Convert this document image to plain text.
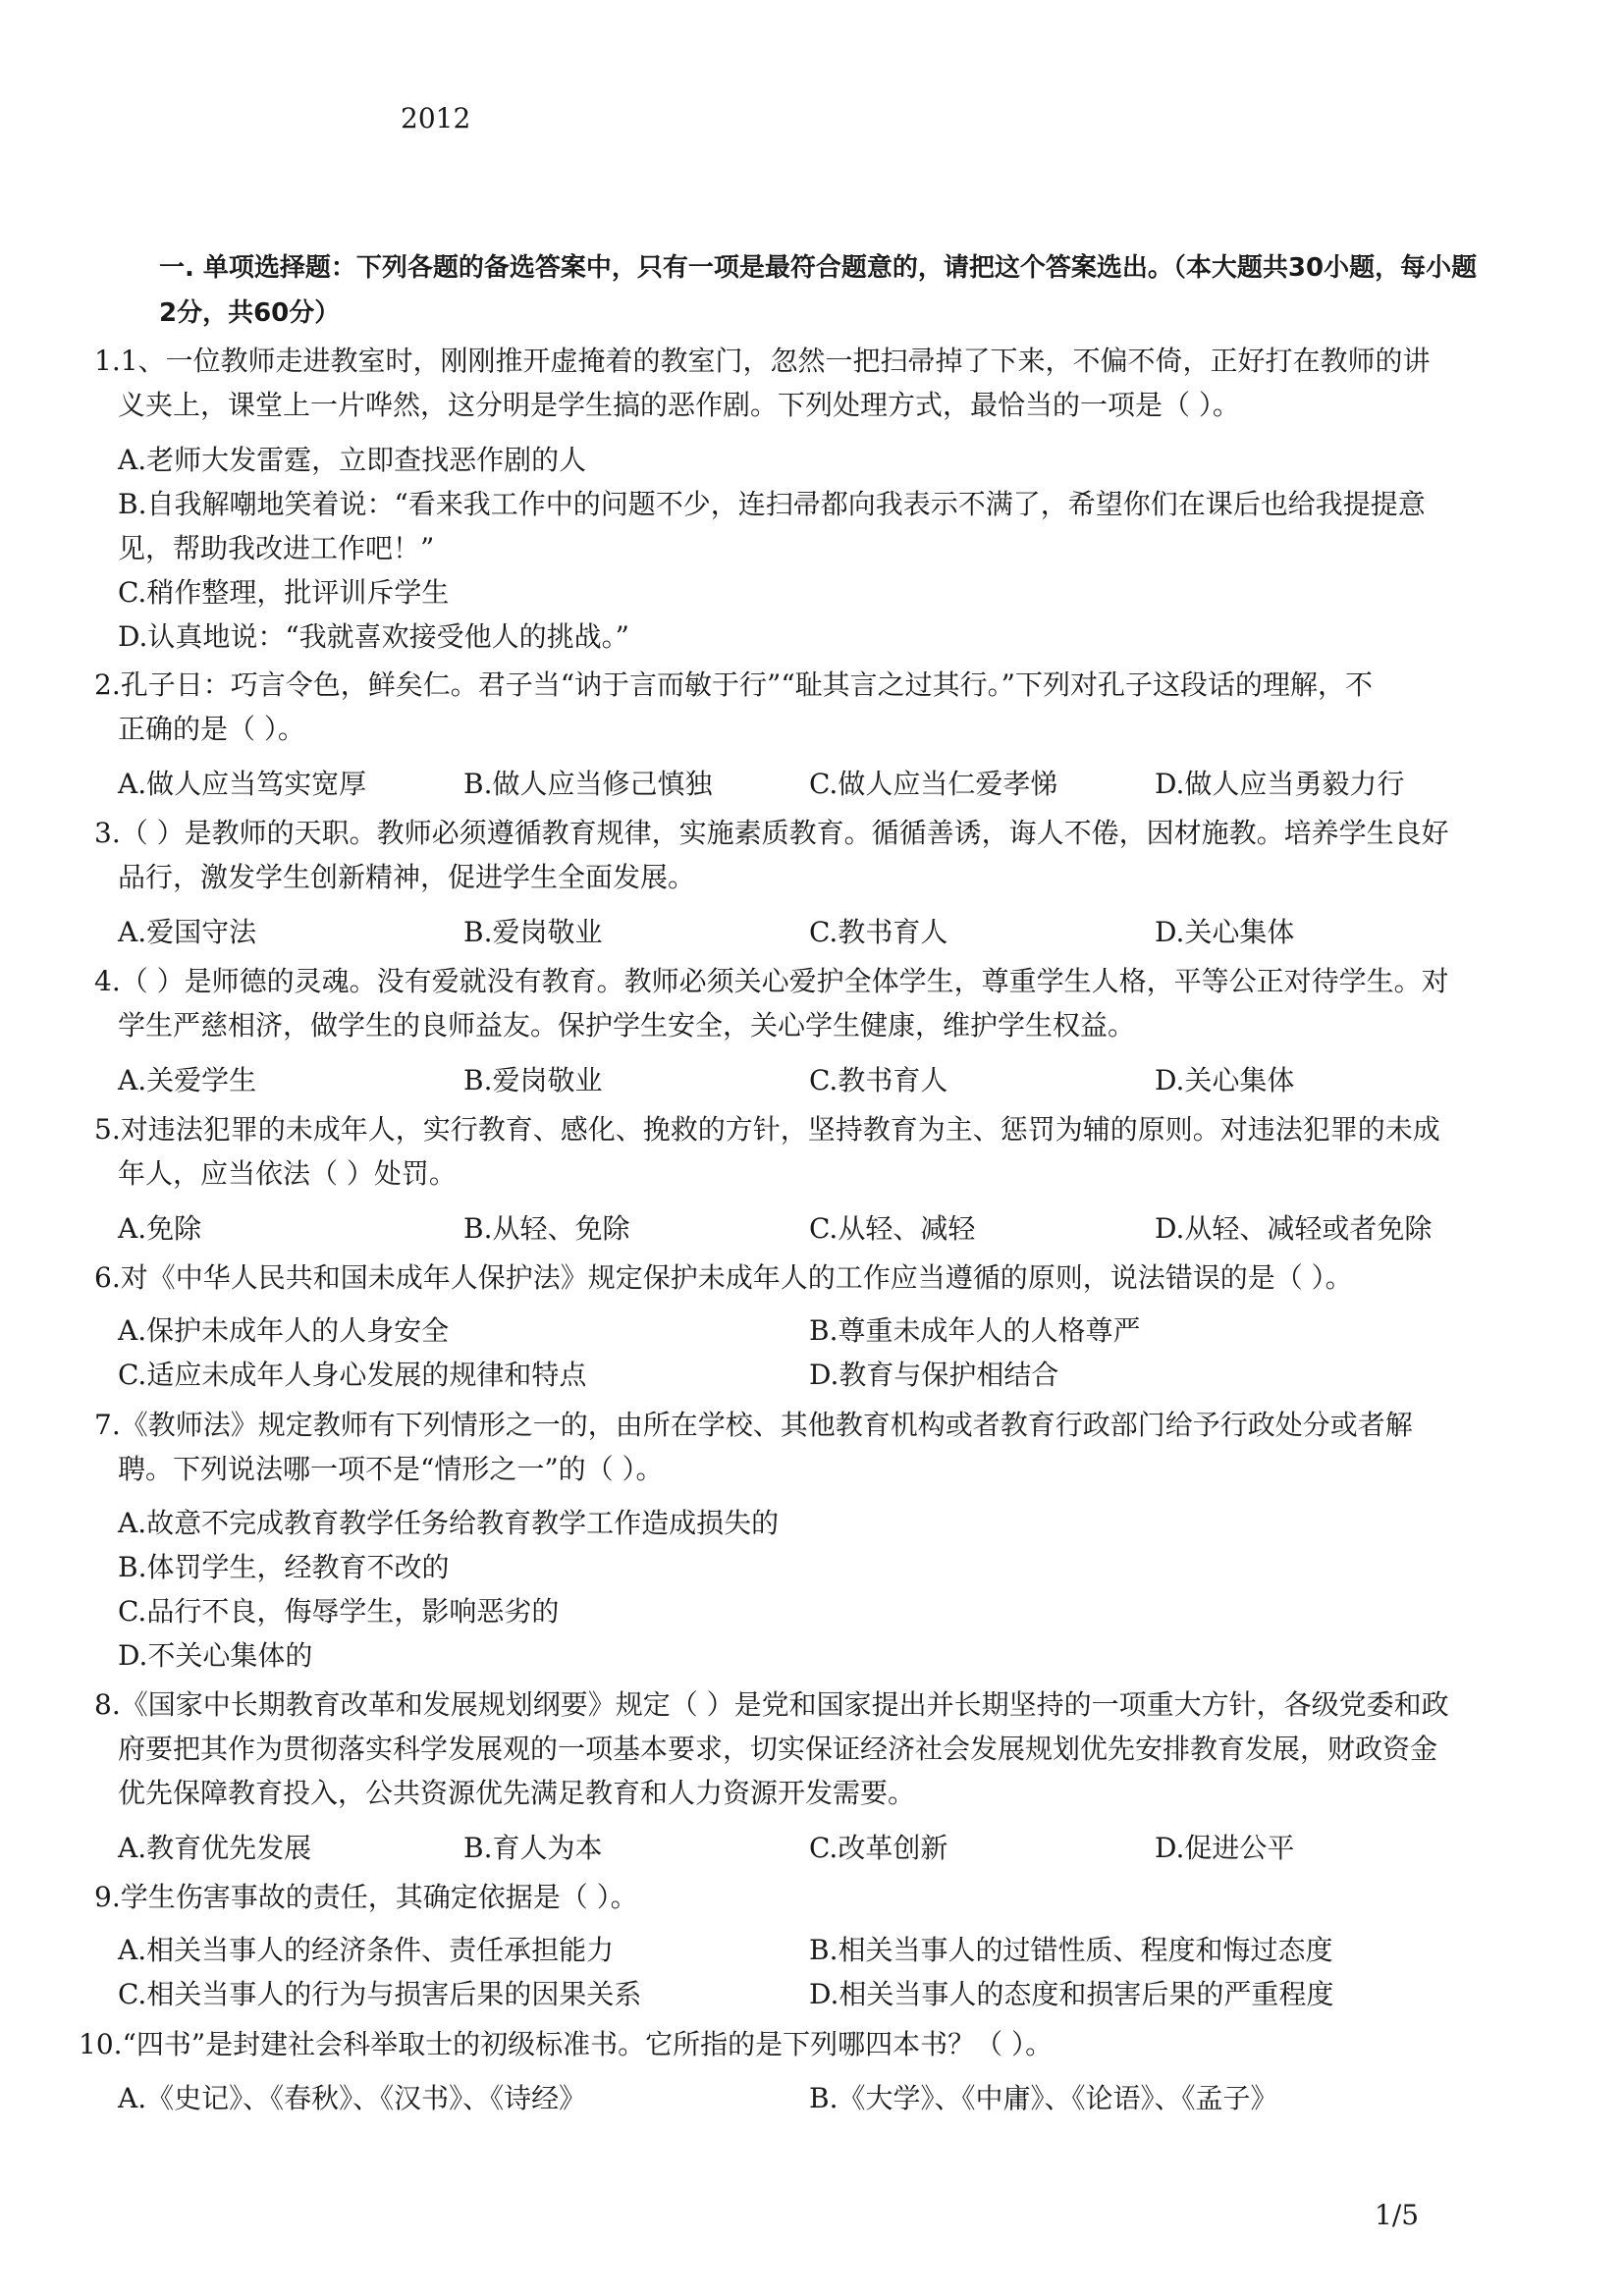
2012
一. 单项选择题：下列各题的备选答案中，只有一项是最符合题意的，请把这个答案选出。（本大题共30小题，每小题2分，共60分）
1.1、一位教师走进教室时，刚刚推开虚掩着的教室门，忽然一把扫帚掉了下来，不偏不倚，正好打在教师的讲
义夹上，课堂上一片哗然，这分明是学生搞的恶作剧。下列处理方式，最恰当的一项是（ ）。
A.老师大发雷霆，立即查找恶作剧的人
B.自我解嘲地笑着说：“看来我工作中的问题不少，连扫帚都向我表示不满了，希望你们在课后也给我提提意
见，帮助我改进工作吧！”
C.稍作整理，批评训斥学生
D.认真地说：“我就喜欢接受他人的挑战。”
2.孔子日：巧言令色，鲜矣仁。君子当“讷于言而敏于行”“耻其言之过其行。”下列对孔子这段话的理解，不
正确的是（ ）。
A.做人应当笃实宽厚	B.做人应当修己慎独	C.做人应当仁爱孝悌	D.做人应当勇毅力行
3.（ ）是教师的天职。教师必须遵循教育规律，实施素质教育。循循善诱，诲人不倦，因材施教。培养学生良好
品行，激发学生创新精神，促进学生全面发展。
A.爱国守法	B.爱岗敬业	C.教书育人	D.关心集体
4.（ ）是师德的灵魂。没有爱就没有教育。教师必须关心爱护全体学生，尊重学生人格，平等公正对待学生。对
学生严慈相济，做学生的良师益友。保护学生安全，关心学生健康，维护学生权益。
A.关爱学生	B.爱岗敬业	C.教书育人	D.关心集体
5.对违法犯罪的未成年人，实行教育、感化、挽救的方针，坚持教育为主、惩罚为辅的原则。对违法犯罪的未成
年人，应当依法（ ）处罚。
A.免除	B.从轻、免除	C.从轻、减轻	D.从轻、减轻或者免除
6.对《中华人民共和国未成年人保护法》规定保护未成年人的工作应当遵循的原则，说法错误的是（ ）。
A.保护未成年人的人身安全	B.尊重未成年人的人格尊严
C.适应未成年人身心发展的规律和特点	D.教育与保护相结合
7.《教师法》规定教师有下列情形之一的，由所在学校、其他教育机构或者教育行政部门给予行政处分或者解
聘。下列说法哪一项不是“情形之一”的（ ）。
A.故意不完成教育教学任务给教育教学工作造成损失的
B.体罚学生，经教育不改的
C.品行不良，侮辱学生，影响恶劣的
D.不关心集体的
8.《国家中长期教育改革和发展规划纲要》规定（ ）是党和国家提出并长期坚持的一项重大方针，各级党委和政
府要把其作为贯彻落实科学发展观的一项基本要求，切实保证经济社会发展规划优先安排教育发展，财政资金
优先保障教育投入，公共资源优先满足教育和人力资源开发需要。
A.教育优先发展	B.育人为本	C.改革创新	D.促进公平
9.学生伤害事故的责任，其确定依据是（ ）。
A.相关当事人的经济条件、责任承担能力	B.相关当事人的过错性质、程度和悔过态度
C.相关当事人的行为与损害后果的因果关系	D.相关当事人的态度和损害后果的严重程度
10.“四书”是封建社会科举取士的初级标准书。它所指的是下列哪四本书？（ ）。
A.《史记》、《春秋》、《汉书》、《诗经》	B.《大学》、《中庸》、《论语》、《孟子》
1/5
